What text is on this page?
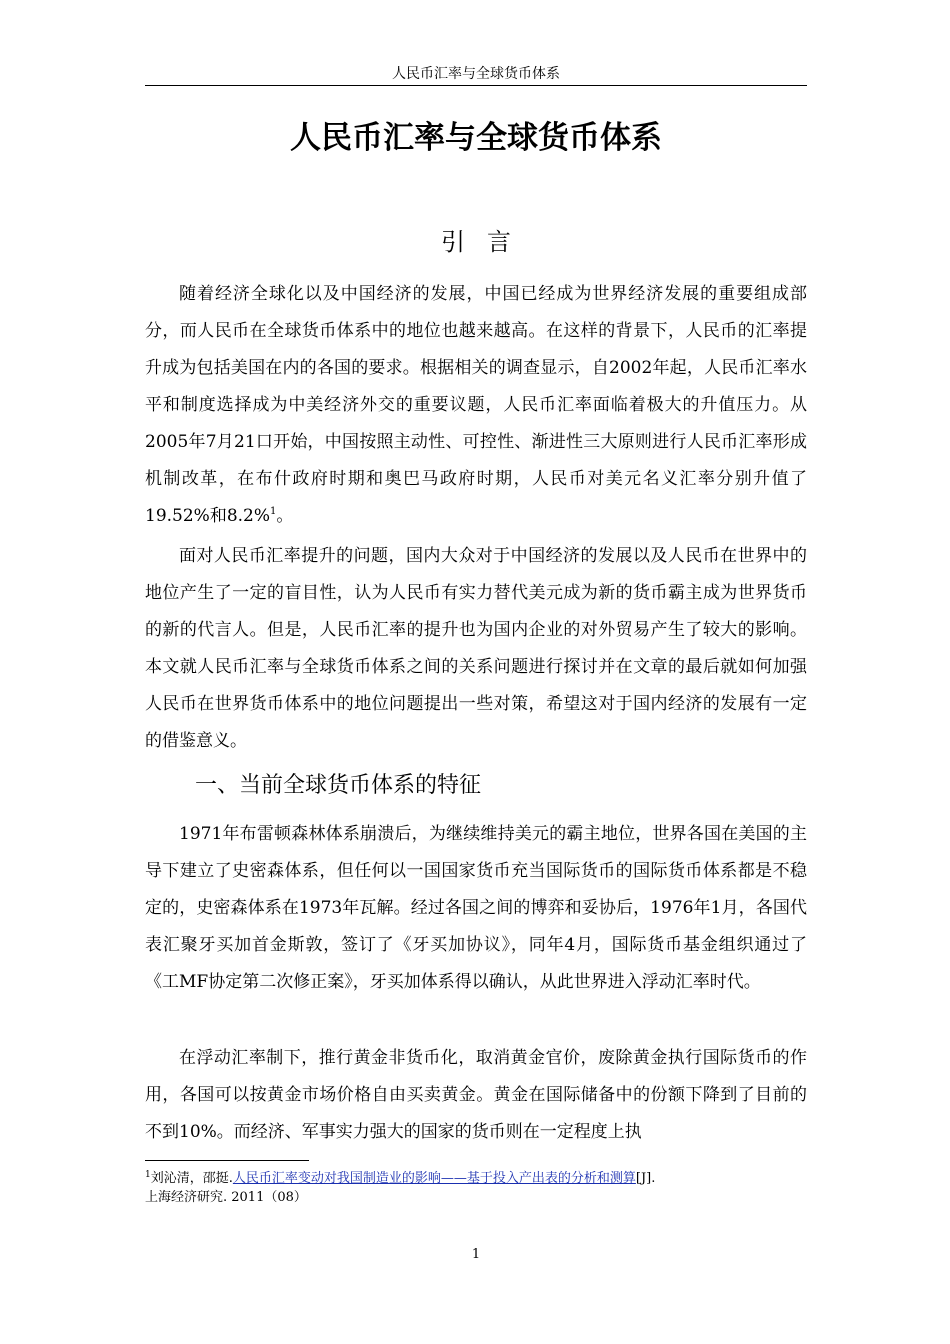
人民币汇率与全球货币体系
人民币汇率与全球货币体系
引言

随着经济全球化以及中国经济的发展，中国已经成为世界经济发展的重要组成部分，而人民币在全球货币体系中的地位也越来越高。在这样的背景下，人民币的汇率提升成为包括美国在内的各国的要求。根据相关的调查显示，自2002年起，人民币汇率水平和制度选择成为中美经济外交的重要议题，人民币汇率面临着极大的升值压力。从2005年7月21口开始，中国按照主动性、可控性、渐进性三大原则进行人民币汇率形成机制改革，在布什政府时期和奥巴马政府时期，人民币对美元名义汇率分别升值了19.52%和8.2%$^1$。

面对人民币汇率提升的问题，国内大众对于中国经济的发展以及人民币在世界中的地位产生了一定的盲目性，认为人民币有实力替代美元成为新的货币霸主成为世界货币的新的代言人。但是，人民币汇率的提升也为国内企业的对外贸易产生了较大的影响。本文就人民币汇率与全球货币体系之间的关系问题进行探讨并在文章的最后就如何加强人民币在世界货币体系中的地位问题提出一些对策，希望这对于国内经济的发展有一定的借鉴意义。

一、当前全球货币体系的特征

1971年布雷顿森林体系崩溃后，为继续维持美元的霸主地位，世界各国在美国的主导下建立了史密森体系，但任何以一国国家货币充当国际货币的国际货币体系都是不稳定的，史密森体系在1973年瓦解。经过各国之间的博弈和妥协后，1976年1月，各国代表汇聚牙买加首金斯敦，签订了《牙买加协议》，同年4月，国际货币基金组织通过了《工MF协定第二次修正案》，牙买加体系得以确认，从此世界进入浮动汇率时代。

在浮动汇率制下，推行黄金非货币化，取消黄金官价，废除黄金执行国际货币的作用，各国可以按黄金市场价格自由买卖黄金。黄金在国际储备中的份额下降到了目前的不到10%。而经济、军事实力强大的国家的货币则在一定程度上执

$^1$刘沁清，邵挺.人民币汇率变动对我国制造业的影响——基于投入产出表的分析和测算[J].
上海经济研究. 2011（08）
1
